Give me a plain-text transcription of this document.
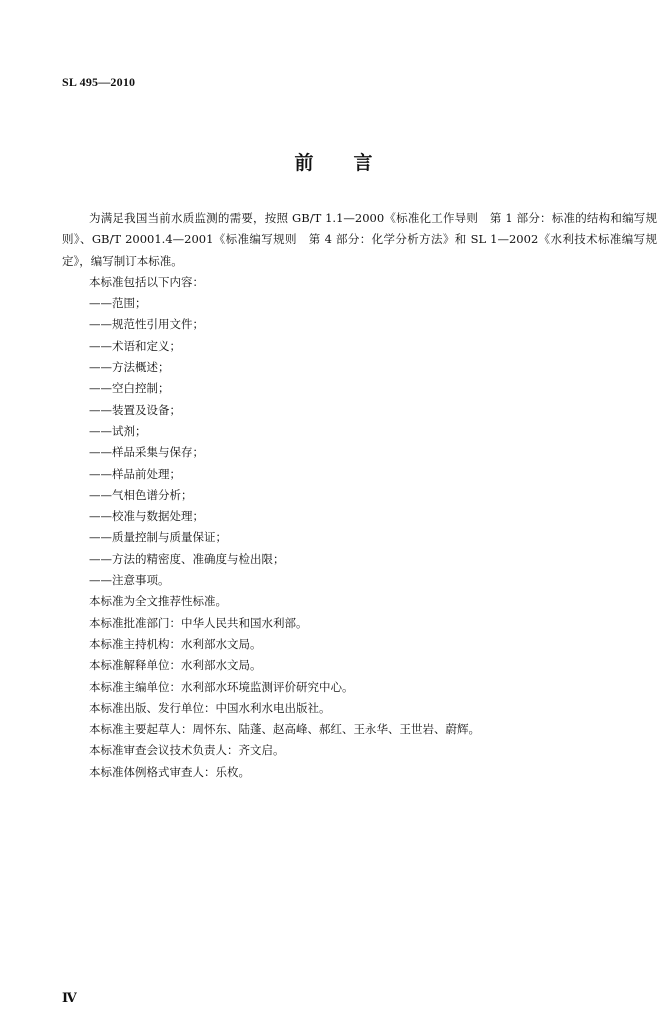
SL 495—2010
前 言

为满足我国当前水质监测的需要，按照 GB/T 1.1—2000《标准化工作导则　第 1 部分：标准的结构和编写规则》、GB/T 20001.4—2001《标准编写规则　第 4 部分：化学分析方法》和 SL 1—2002《水利技术标准编写规定》，编写制订本标准。

本标准包括以下内容：

——范围；

——规范性引用文件；

——术语和定义；

——方法概述；

——空白控制；

——装置及设备；

——试剂；

——样品采集与保存；

——样品前处理；

——气相色谱分析；

——校准与数据处理；

——质量控制与质量保证；

——方法的精密度、准确度与检出限；

——注意事项。

本标准为全文推荐性标准。

本标准批准部门：中华人民共和国水利部。

本标准主持机构：水利部水文局。

本标准解释单位：水利部水文局。

本标准主编单位：水利部水环境监测评价研究中心。

本标准出版、发行单位：中国水利水电出版社。

本标准主要起草人：周怀东、陆蓬、赵高峰、郝红、王永华、王世岩、蔚辉。

本标准审查会议技术负责人：齐文启。

本标准体例格式审查人：乐枚。

Ⅳ
